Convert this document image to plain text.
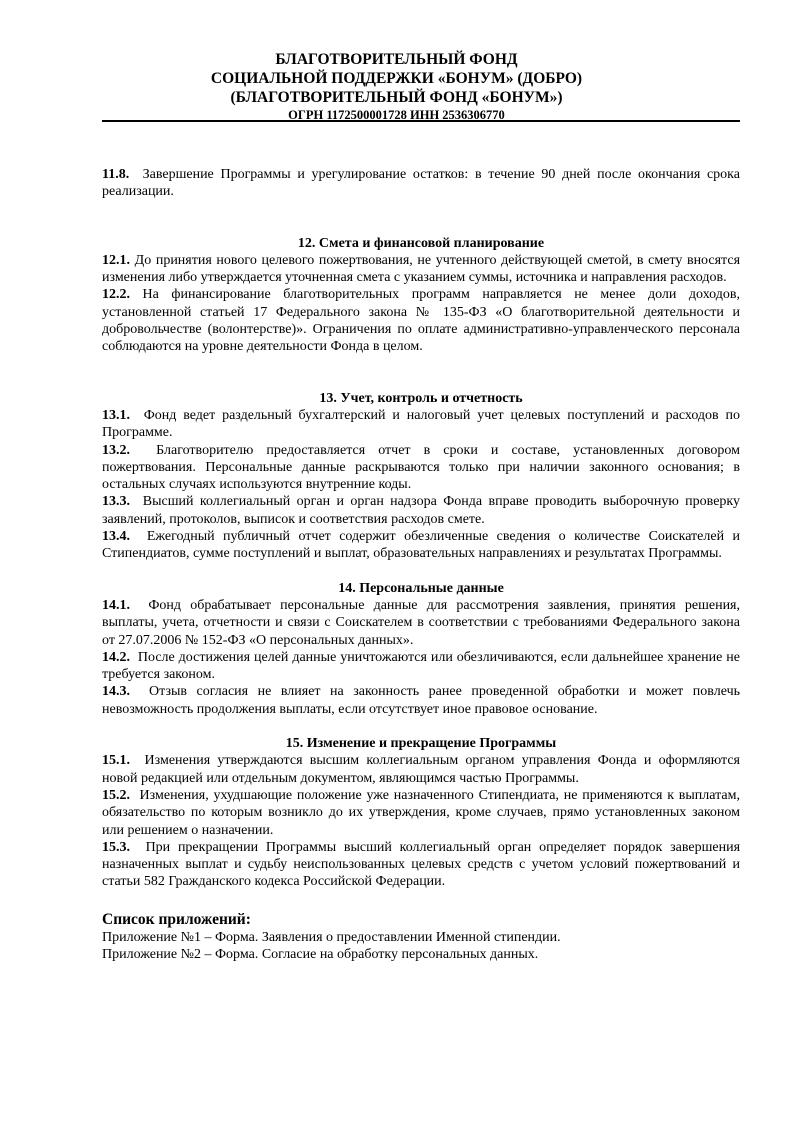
БЛАГОТВОРИТЕЛЬНЫЙ ФОНД
СОЦИАЛЬНОЙ ПОДДЕРЖКИ «БОНУМ» (ДОБРО)
(БЛАГОТВОРИТЕЛЬНЫЙ ФОНД «БОНУМ»)
ОГРН 1172500001728 ИНН 2536306770

11.8. Завершение Программы и урегулирование остатков: в течение 90 дней после окончания срока реализации.

12. Смета и финансовой планирование

12.1. До принятия нового целевого пожертвования, не учтенного действующей сметой, в смету вносятся изменения либо утверждается уточненная смета с указанием суммы, источника и направления расходов.

12.2. На финансирование благотворительных программ направляется не менее доли доходов, установленной статьей 17 Федерального закона № 135-ФЗ «О благотворительной деятельности и добровольчестве (волонтерстве)». Ограничения по оплате административно-управленческого персонала соблюдаются на уровне деятельности Фонда в целом.

13. Учет, контроль и отчетность

13.1. Фонд ведет раздельный бухгалтерский и налоговый учет целевых поступлений и расходов по Программе.

13.2. Благотворителю предоставляется отчет в сроки и составе, установленных договором пожертвования. Персональные данные раскрываются только при наличии законного основания; в остальных случаях используются внутренние коды.

13.3. Высший коллегиальный орган и орган надзора Фонда вправе проводить выборочную проверку заявлений, протоколов, выписок и соответствия расходов смете.

13.4. Ежегодный публичный отчет содержит обезличенные сведения о количестве Соискателей и Стипендиатов, сумме поступлений и выплат, образовательных направлениях и результатах Программы.

14. Персональные данные

14.1. Фонд обрабатывает персональные данные для рассмотрения заявления, принятия решения, выплаты, учета, отчетности и связи с Соискателем в соответствии с требованиями Федерального закона от 27.07.2006 № 152-ФЗ «О персональных данных».

14.2. После достижения целей данные уничтожаются или обезличиваются, если дальнейшее хранение не требуется законом.

14.3. Отзыв согласия не влияет на законность ранее проведенной обработки и может повлечь невозможность продолжения выплаты, если отсутствует иное правовое основание.

15. Изменение и прекращение Программы

15.1. Изменения утверждаются высшим коллегиальным органом управления Фонда и оформляются новой редакцией или отдельным документом, являющимся частью Программы.

15.2. Изменения, ухудшающие положение уже назначенного Стипендиата, не применяются к выплатам, обязательство по которым возникло до их утверждения, кроме случаев, прямо установленных законом или решением о назначении.

15.3. При прекращении Программы высший коллегиальный орган определяет порядок завершения назначенных выплат и судьбу неиспользованных целевых средств с учетом условий пожертвований и статьи 582 Гражданского кодекса Российской Федерации.

Список приложений:

Приложение №1 – Форма. Заявления о предоставлении Именной стипендии.

Приложение №2 – Форма. Согласие на обработку персональных данных.
